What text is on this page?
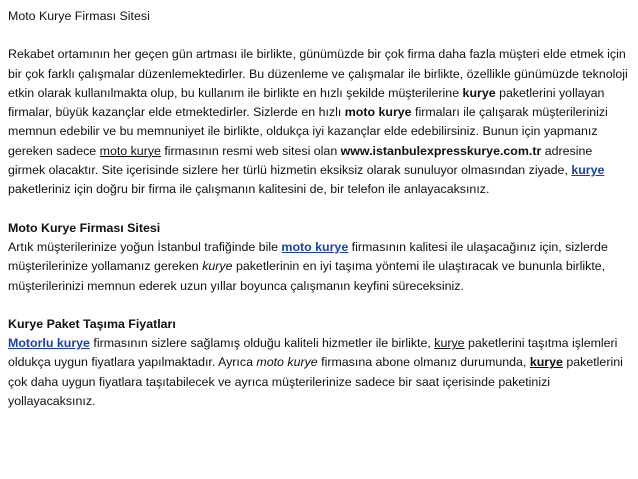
Moto Kurye Firması Sitesi

Rekabet ortamının her geçen gün artması ile birlikte, günümüzde bir çok firma daha fazla müşteri elde etmek için bir çok farklı çalışmalar düzenlemektedirler. Bu düzenleme ve çalışmalar ile birlikte, özellikle günümüzde teknoloji etkin olarak kullanılmakta olup, bu kullanım ile birlikte en hızlı şekilde müşterilerine kurye paketlerini yollayan firmalar, büyük kazançlar elde etmektedirler. Sizlerde en hızlı moto kurye firmaları ile çalışarak müşterilerinizi memnun edebilir ve bu memnuniyet ile birlikte, oldukça iyi kazançlar elde edebilirsiniz. Bunun için yapmanız gereken sadece moto kurye firmasının resmi web sitesi olan www.istanbulexpresskurye.com.tr adresine girmek olacaktır. Site içerisinde sizlere her türlü hizmetin eksiksiz olarak sunuluyor olmasından ziyade, kurye paketleriniz için doğru bir firma ile çalışmanın kalitesini de, bir telefon ile anlayacaksınız.

Moto Kurye Firması Sitesi

Artık müşterilerinize yoğun İstanbul trafiğinde bile moto kurye firmasının kalitesi ile ulaşacağınız için, sizlerde müşterilerinize yollamanız gereken kurye paketlerinin en iyi taşıma yöntemi ile ulaştıracak ve bununla birlikte, müşterilerinizi memnun ederek uzun yıllar boyunca çalışmanın keyfini süreceksiniz.

Kurye Paket Taşıma Fiyatları

Motorlu kurye firmasının sizlere sağlamış olduğu kaliteli hizmetler ile birlikte, kurye paketlerini taşıtma işlemleri oldukça uygun fiyatlara yapılmaktadır. Ayrıca moto kurye firmasına abone olmanız durumunda, kurye paketlerini çok daha uygun fiyatlara taşıtabilecek ve ayrıca müşterilerinize sadece bir saat içerisinde paketinizi yollayacaksınız.
